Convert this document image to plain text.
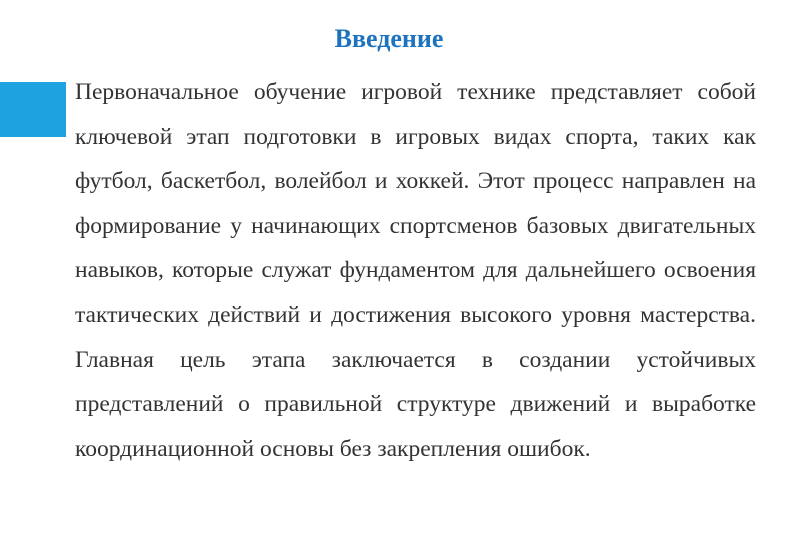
Введение

Первоначальное обучение игровой технике представляет собой ключевой этап подготовки в игровых видах спорта, таких как футбол, баскетбол, волейбол и хоккей. Этот процесс направлен на формирование у начинающих спортсменов базовых двигательных навыков, которые служат фундаментом для дальнейшего освоения тактических действий и достижения высокого уровня мастерства. Главная цель этапа заключается в создании устойчивых представлений о правильной структуре движений и выработке координационной основы без закрепления ошибок.
